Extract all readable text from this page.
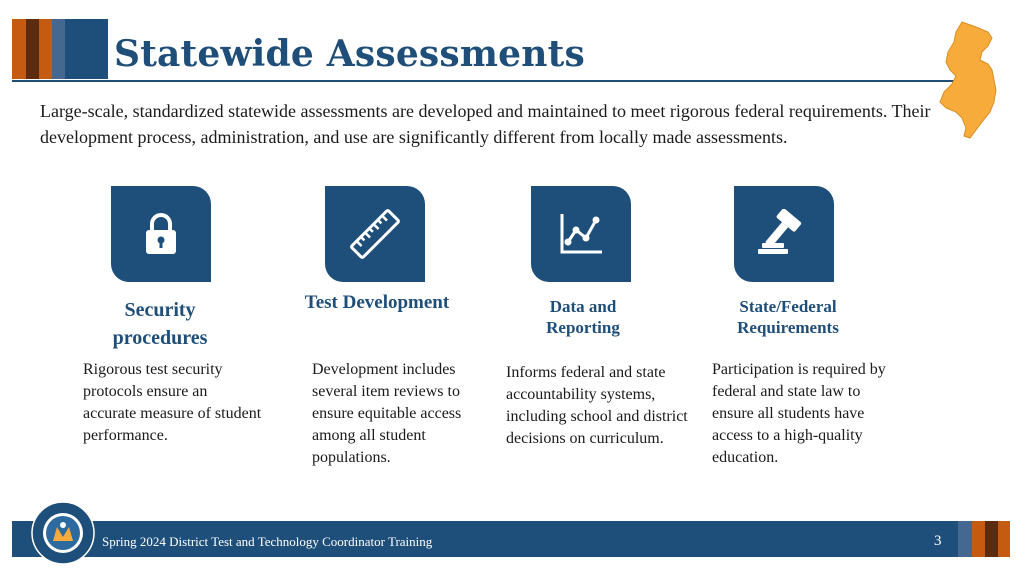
Statewide Assessments

Large-scale, standardized statewide assessments are developed and maintained to meet rigorous federal requirements. Their development process, administration, and use are significantly different from locally made assessments.

Security procedures

Rigorous test security protocols ensure an accurate measure of student performance.

Test Development

Development includes several item reviews to ensure equitable access among all student populations.

Data and Reporting

Informs federal and state accountability systems, including school and district decisions on curriculum.

State/Federal Requirements

Participation is required by federal and state law to ensure all students have access to a high-quality education.

Spring 2024 District Test and Technology Coordinator Training	3
